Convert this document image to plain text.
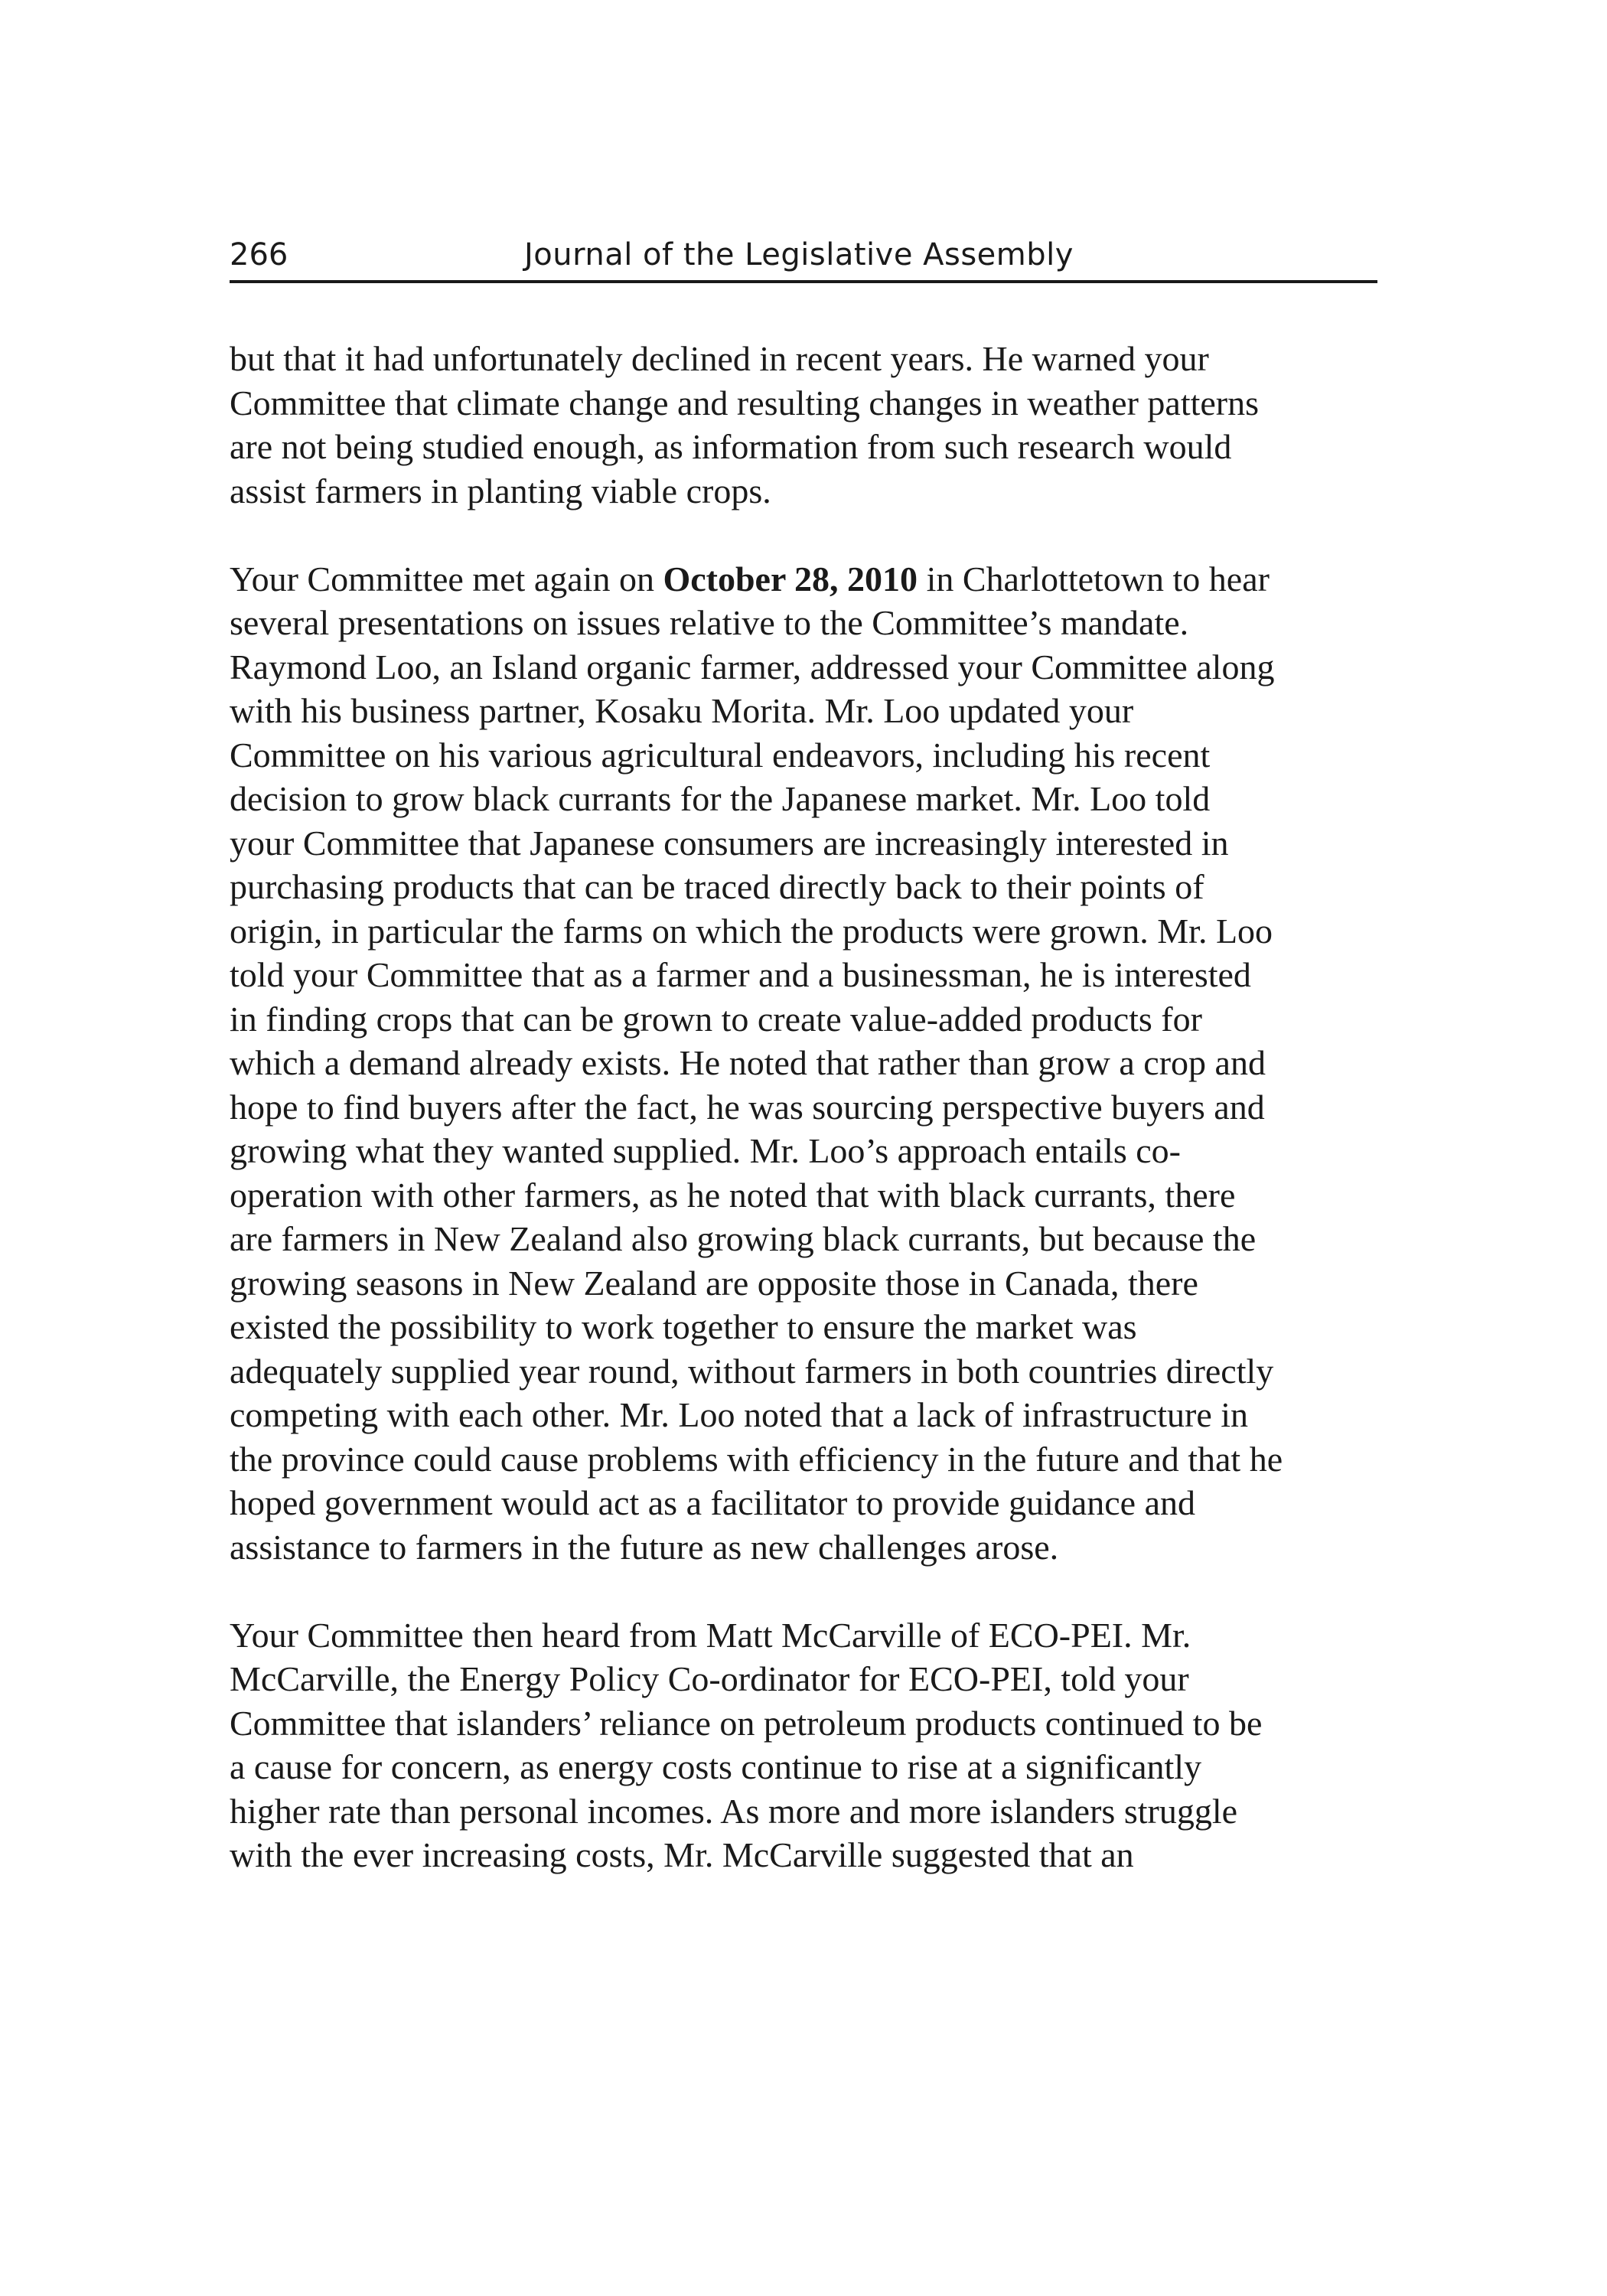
266	Journal of the Legislative Assembly

but that it had unfortunately declined in recent years. He warned your
Committee that climate change and resulting changes in weather patterns
are not being studied enough, as information from such research would
assist farmers in planting viable crops.

Your Committee met again on October 28, 2010 in Charlottetown to hear
several presentations on issues relative to the Committee’s mandate.
Raymond Loo, an Island organic farmer, addressed your Committee along
with his business partner, Kosaku Morita. Mr. Loo updated your
Committee on his various agricultural endeavors, including his recent
decision to grow black currants for the Japanese market. Mr. Loo told
your Committee that Japanese consumers are increasingly interested in
purchasing products that can be traced directly back to their points of
origin, in particular the farms on which the products were grown. Mr. Loo
told your Committee that as a farmer and a businessman, he is interested
in finding crops that can be grown to create value-added products for
which a demand already exists. He noted that rather than grow a crop and
hope to find buyers after the fact, he was sourcing perspective buyers and
growing what they wanted supplied. Mr. Loo’s approach entails co-
operation with other farmers, as he noted that with black currants, there
are farmers in New Zealand also growing black currants, but because the
growing seasons in New Zealand are opposite those in Canada, there
existed the possibility to work together to ensure the market was
adequately supplied year round, without farmers in both countries directly
competing with each other. Mr. Loo noted that a lack of infrastructure in
the province could cause problems with efficiency in the future and that he
hoped government would act as a facilitator to provide guidance and
assistance to farmers in the future as new challenges arose.

Your Committee then heard from Matt McCarville of ECO-PEI. Mr.
McCarville, the Energy Policy Co-ordinator for ECO-PEI, told your
Committee that islanders’ reliance on petroleum products continued to be
a cause for concern, as energy costs continue to rise at a significantly
higher rate than personal incomes. As more and more islanders struggle
with the ever increasing costs, Mr. McCarville suggested that an
